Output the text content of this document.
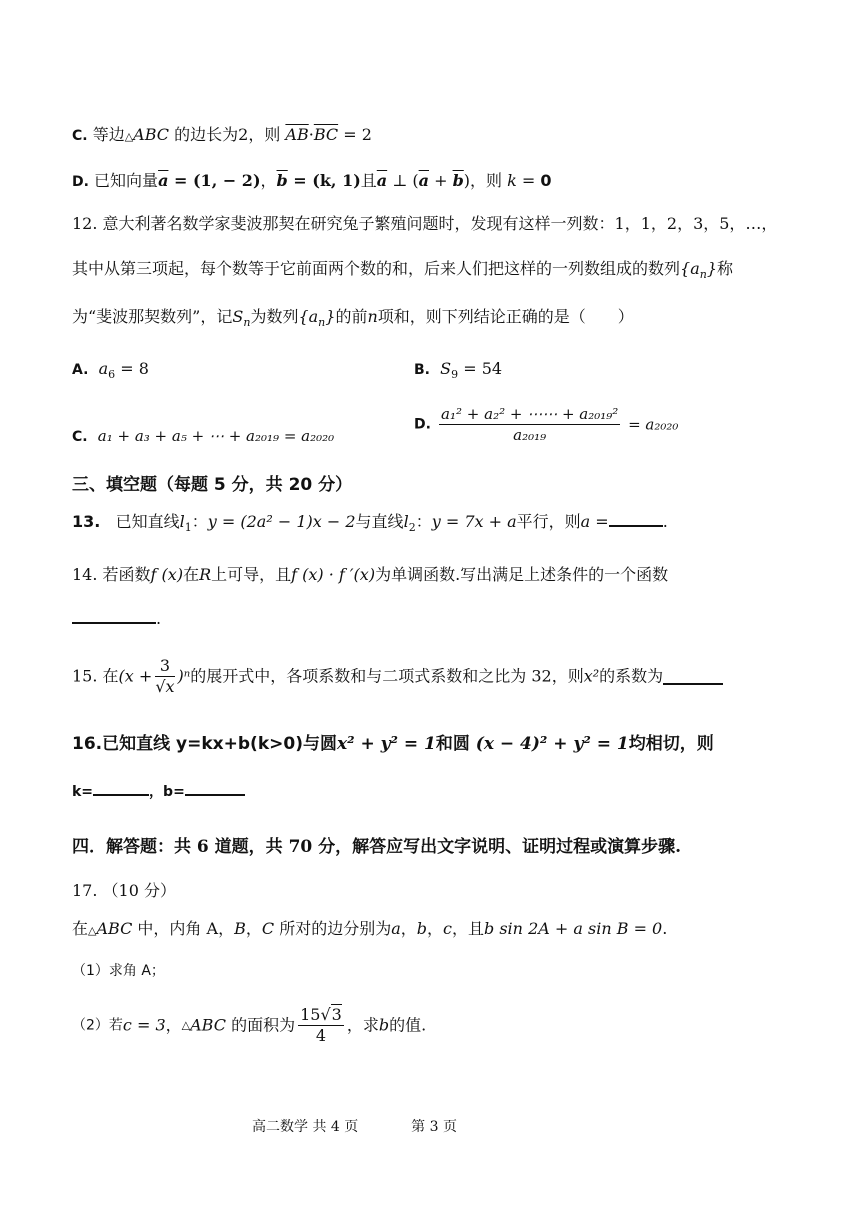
C. 等边△ABC 的边长为2，则 $\overline{AB}\cdot\overline{BC} = 2$
D. 已知向量$\overline{a} = (1$, − 2)，$\overline{b} = (k$, 1)且$\overline{a}$ ⊥ $(\overline{a} + \overline{b})$，则 k = 0
12. 意大利著名数学家斐波那契在研究兔子繁殖问题时，发现有这样一列数：1，1，2，3，5，…，
其中从第三项起，每个数等于它前面两个数的和，后来人们把这样的一列数组成的数列$\{a_n\}$称
为“斐波那契数列”，记$S_n$为数列$\{a_n\}$的前n项和，则下列结论正确的是（　　）
A. $a_6 = 8$	B. $S_9 = 54$
C. a₁ + a₃ + a₅ + ⋯ + a₂₀₁₉ = a₂₀₂₀
D. $\frac{\text{a₁² + a₂² + ⋯⋯ + a₂₀₁₉²}}{\text{a₂₀₁₉}} = a_{2020}$
三、填空题（每题 5 分，共 20 分）
13. 已知直线$l_1$：y = (2a² − 1)x − 2与直线$l_2$：y = 7x + a平行，则a =	.
14. 若函数f (x)在R上可导，且f (x) · f ′(x)为单调函数.写出满足上述条件的一个函数
.
15. 在$(x + \frac{3}{√x} )^n$的展开式中，各项系数和与二项式系数和之比为 32，则x²的系数为
16.已知直线 y=kx+b(k>0)与圆x² + y² = 1和圆 (x − 4)² + y² = 1均相切，则
k=	，b=
四．解答题：共 6 道题，共 70 分，解答应写出文字说明、证明过程或演算步骤.
17. （10 分）
在△ABC 中，内角 A，B，C 所对的边分别为a，b，c，且b sin 2A + a sin B = 0.
（1）求角 A；
（2）若c = 3，△ABC 的面积为 $\frac{15√3}{4}$ ，求b的值.
高二数学 共 4 页	第 3 页
